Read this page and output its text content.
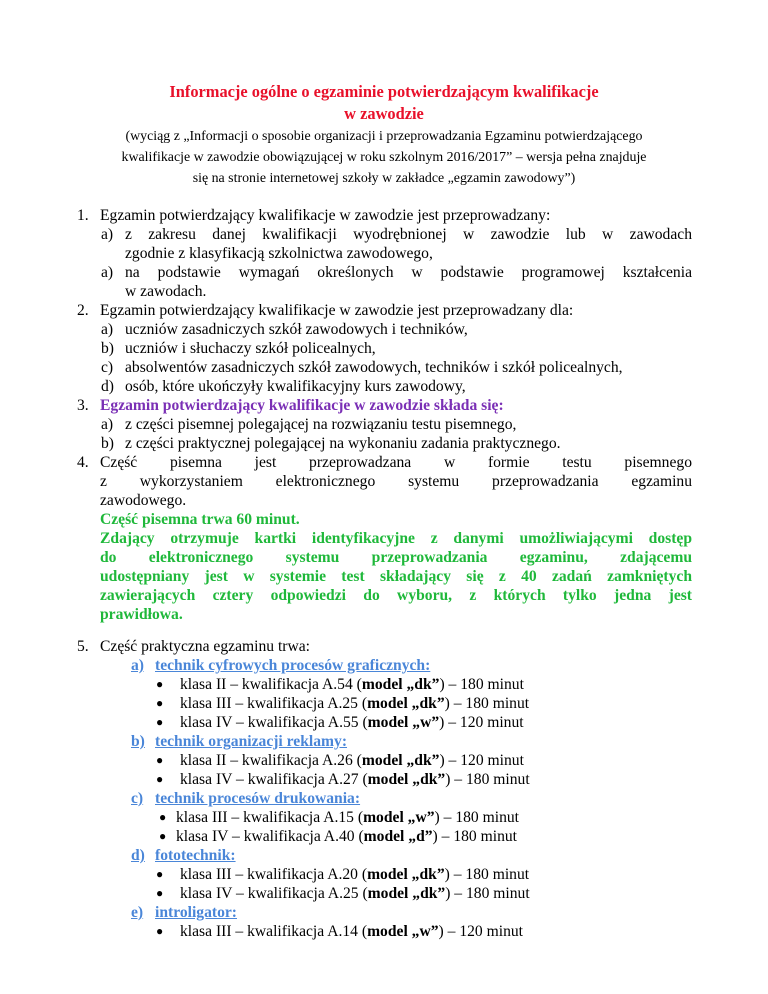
Informacje ogólne o egzaminie potwierdzającym kwalifikacje
w zawodzie
(wyciąg z „Informacji o sposobie organizacji i przeprowadzania Egzaminu potwierdzającego
kwalifikacje w zawodzie obowiązującej w roku szkolnym 2016/2017” – wersja pełna znajduje
się na stronie internetowej szkoły w zakładce „egzamin zawodowy”)
1. Egzamin potwierdzający kwalifikacje w zawodzie jest przeprowadzany:
a) z zakresu danej kwalifikacji wyodrębnionej w zawodzie lub w zawodach
zgodnie z klasyfikacją szkolnictwa zawodowego,
a) na podstawie wymagań określonych w podstawie programowej kształcenia
w zawodach.
2. Egzamin potwierdzający kwalifikacje w zawodzie jest przeprowadzany dla:
a) uczniów zasadniczych szkół zawodowych i techników,
b) uczniów i słuchaczy szkół policealnych,
c) absolwentów zasadniczych szkół zawodowych, techników i szkół policealnych,
d) osób, które ukończyły kwalifikacyjny kurs zawodowy,
3. Egzamin potwierdzający kwalifikacje w zawodzie składa się:
a) z części pisemnej polegającej na rozwiązaniu testu pisemnego,
b) z części praktycznej polegającej na wykonaniu zadania praktycznego.
4. Część pisemna jest przeprowadzana w formie testu pisemnego
z wykorzystaniem elektronicznego systemu przeprowadzania egzaminu
zawodowego.
Część pisemna trwa 60 minut.
Zdający otrzymuje kartki identyfikacyjne z danymi umożliwiającymi dostęp
do elektronicznego systemu przeprowadzania egzaminu, zdającemu
udostępniany jest w systemie test składający się z 40 zadań zamkniętych
zawierających cztery odpowiedzi do wyboru, z których tylko jedna jest
prawidłowa.
5. Część praktyczna egzaminu trwa:
a) technik cyfrowych procesów graficznych:
● klasa II – kwalifikacja A.54 (model „dk”) – 180 minut
● klasa III – kwalifikacja A.25 (model „dk”) – 180 minut
● klasa IV – kwalifikacja A.55 (model „w”) – 120 minut
b) technik organizacji reklamy:
● klasa II – kwalifikacja A.26 (model „dk”) – 120 minut
● klasa IV – kwalifikacja A.27 (model „dk”) – 180 minut
c) technik procesów drukowania:
● klasa III – kwalifikacja A.15 (model „w”) – 180 minut
● klasa IV – kwalifikacja A.40 (model „d”) – 180 minut
d) fototechnik:
● klasa III – kwalifikacja A.20 (model „dk”) – 180 minut
● klasa IV – kwalifikacja A.25 (model „dk”) – 180 minut
e) introligator:
● klasa III – kwalifikacja A.14 (model „w”) – 120 minut
